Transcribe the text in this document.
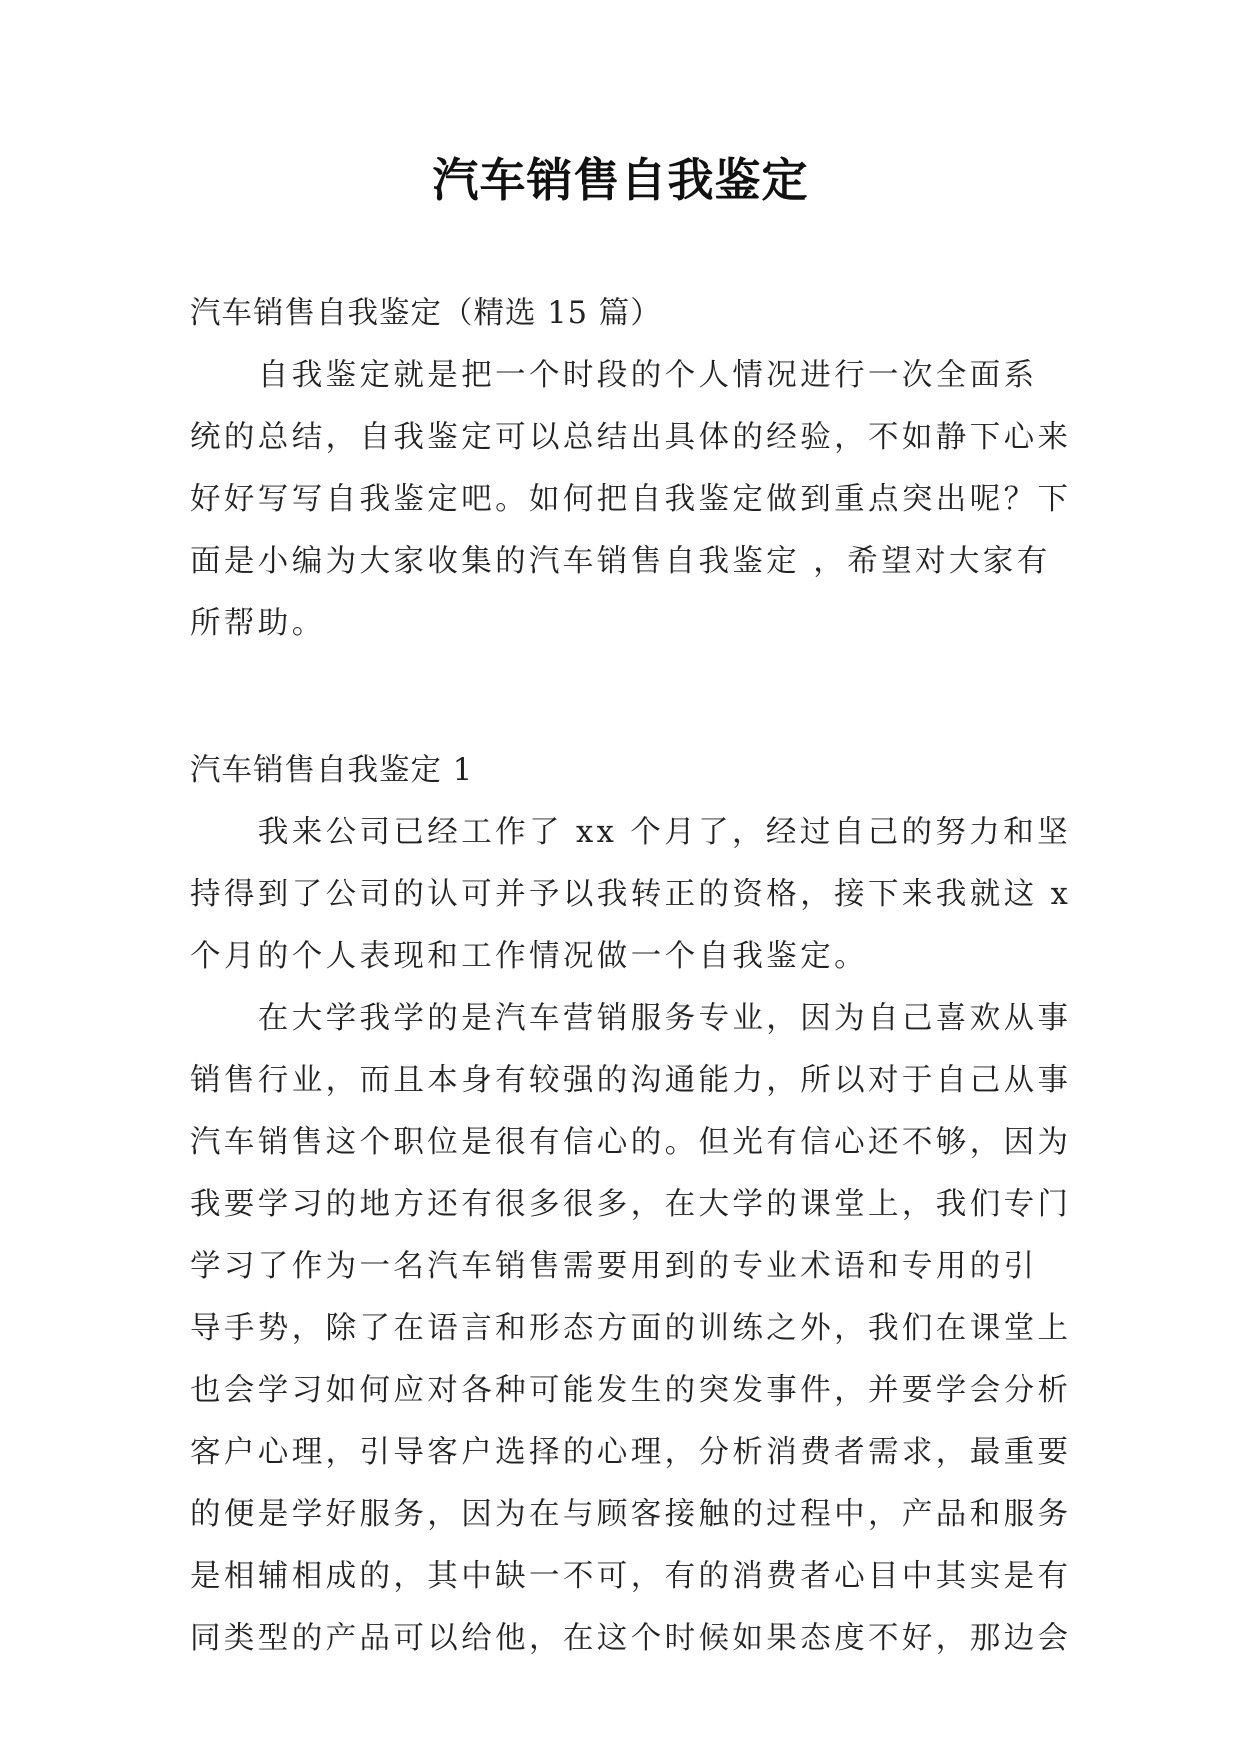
汽车销售自我鉴定
汽车销售自我鉴定（精选 15 篇）
　　自我鉴定就是把一个时段的个人情况进行一次全面系
统的总结，自我鉴定可以总结出具体的经验，不如静下心来
好好写写自我鉴定吧。如何把自我鉴定做到重点突出呢？下
面是小编为大家收集的汽车销售自我鉴定 ，希望对大家有
所帮助。
汽车销售自我鉴定 1
　　我来公司已经工作了 xx 个月了，经过自己的努力和坚
持得到了公司的认可并予以我转正的资格，接下来我就这 x
个月的个人表现和工作情况做一个自我鉴定。
　　在大学我学的是汽车营销服务专业，因为自己喜欢从事
销售行业，而且本身有较强的沟通能力，所以对于自己从事
汽车销售这个职位是很有信心的。但光有信心还不够，因为
我要学习的地方还有很多很多，在大学的课堂上，我们专门
学习了作为一名汽车销售需要用到的专业术语和专用的引
导手势，除了在语言和形态方面的训练之外，我们在课堂上
也会学习如何应对各种可能发生的突发事件，并要学会分析
客户心理，引导客户选择的心理，分析消费者需求，最重要
的便是学好服务，因为在与顾客接触的过程中，产品和服务
是相辅相成的，其中缺一不可，有的消费者心目中其实是有
同类型的产品可以给他，在这个时候如果态度不好，那边会
